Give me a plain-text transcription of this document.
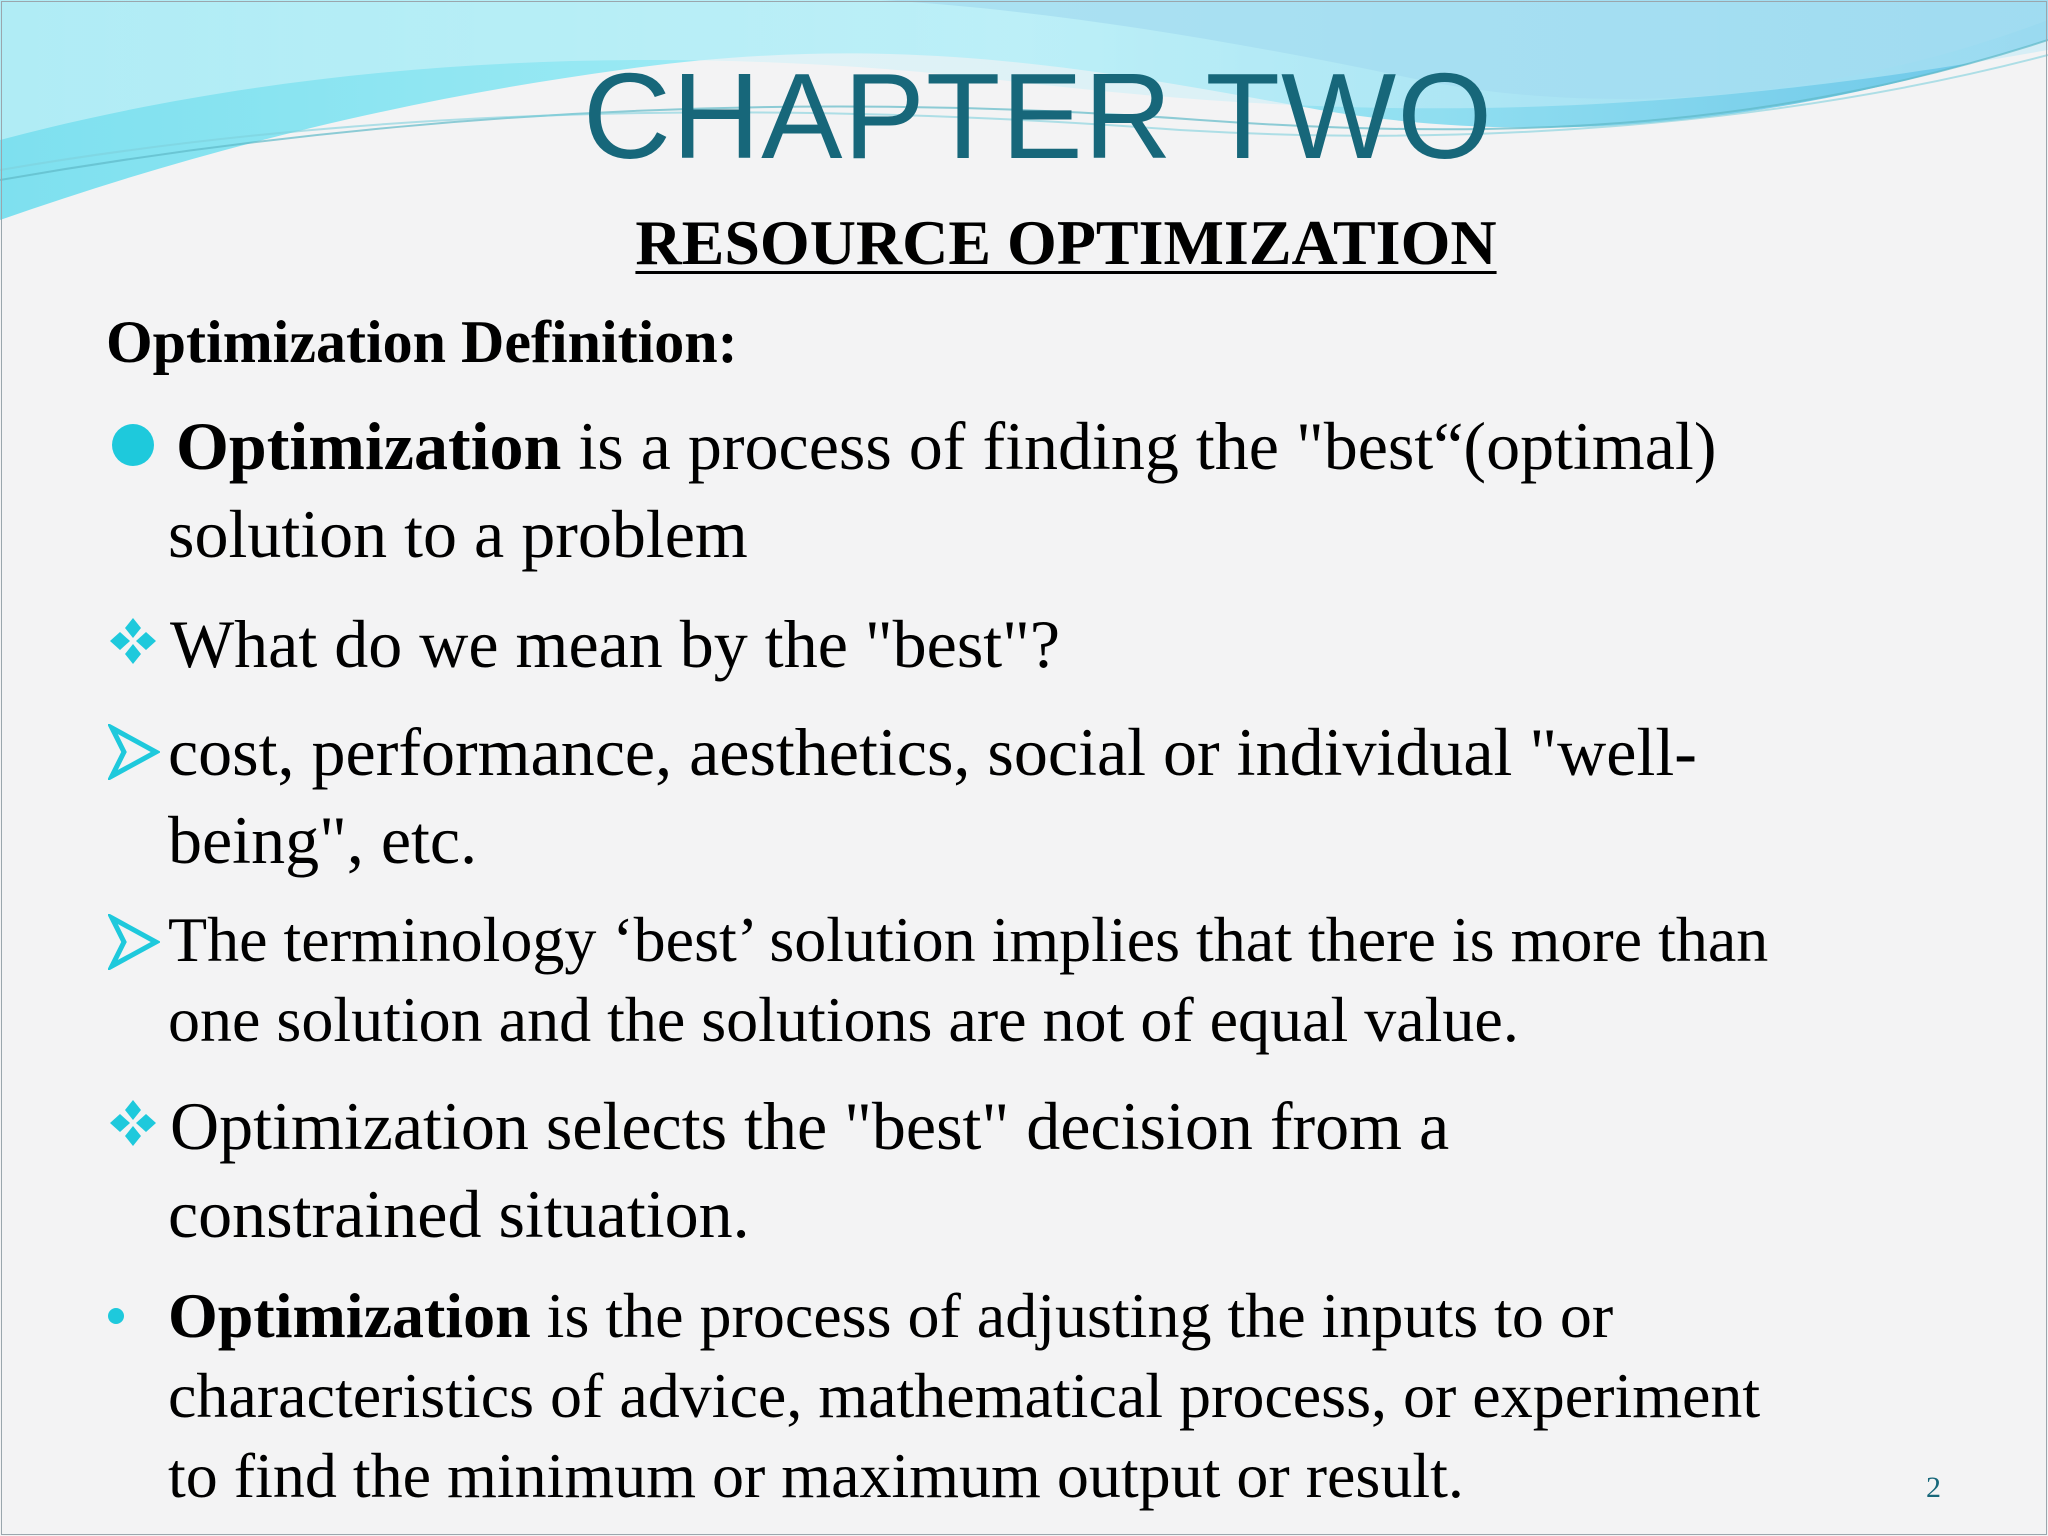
CHAPTER TWO
RESOURCE OPTIMIZATION
Optimization Definition:
Optimization is a process of finding the "best“(optimal)
solution to a problem
What do we mean by the "best"?
cost, performance, aesthetics, social or individual "well-
being", etc.
The terminology ‘best’ solution implies that there is more than
one solution and the solutions are not of equal value.
Optimization selects the "best" decision from a
constrained situation.
Optimization is the process of adjusting the inputs to or
characteristics of advice, mathematical process, or experiment
to find the minimum or maximum output or result.	2
